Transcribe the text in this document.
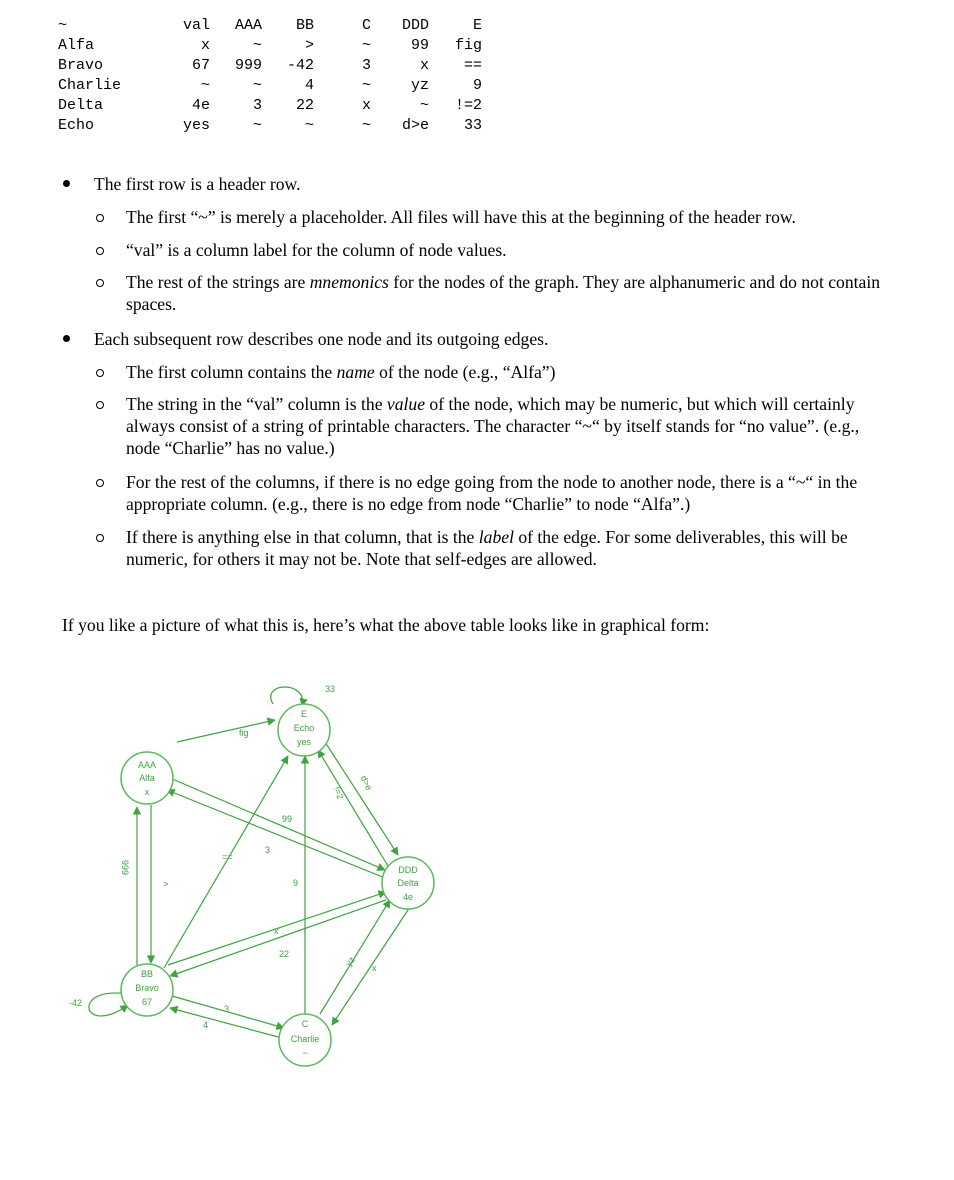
~	val	AAA	BB	C	DDD	E
Alfa	x	~	>	~	99	fig
Bravo	67	999	-42	3	x	==
Charlie	~	~	4	~	yz	9
Delta	4e	3	22	x	~	!=2
Echo	yes	~	~	~	d>e	33
The first row is a header row.
The first “~” is merely a placeholder. All files will have this at the beginning of the header row.
“val” is a column label for the column of node values.
The rest of the strings are mnemonics for the nodes of the graph. They are alphanumeric and do not contain spaces.
Each subsequent row describes one node and its outgoing edges.
The first column contains the name of the node (e.g., “Alfa”)
The string in the “val” column is the value of the node, which may be numeric, but which will certainly always consist of a string of printable characters. The character “~“ by itself stands for “no value”. (e.g., node “Charlie” has no value.)
For the rest of the columns, if there is no edge going from the node to another node, there is a “~“ in the appropriate column. (e.g., there is no edge from node “Charlie” to node “Alfa”.)
If there is anything else in that column, that is the label of the edge. For some deliverables, this will be numeric, for others it may not be. Note that self-edges are allowed.
If you like a picture of what this is, here’s what the above table looks like in graphical form:
fig
33
-42
99
999
>
==
3
9
d>e
!=2
x
22
3
4
yz x
AAA
Alfa
x
BB
Bravo
67
C
Charlie
~
DDD
Delta
4e
E
Echo
yes
